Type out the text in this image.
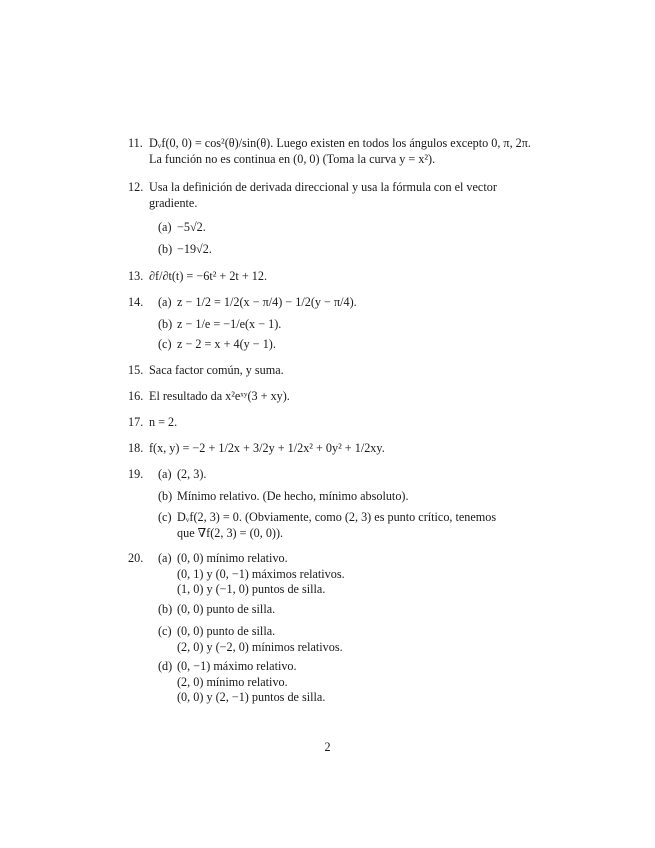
11. Dᵥf(0, 0) = cos²(θ)/sin(θ). Luego existen en todos los ángulos excepto 0, π, 2π.
La función no es continua en (0, 0) (Toma la curva y = x²).
12. Usa la definición de derivada direccional y usa la fórmula con el vector
gradiente.
(a) −5√2.
(b) −19√2.
13. ∂f/∂t(t) = −6t² + 2t + 12.
14.	(a) z − 1/2 = 1/2(x − π/4) − 1/2(y − π/4).
(b) z − 1/e = −1/e(x − 1).
(c) z − 2 = x + 4(y − 1).
15. Saca factor común, y suma.
16. El resultado da x²eˣʸ(3 + xy).
17. n = 2.
18. f(x, y) = −2 + 1/2x + 3/2y + 1/2x² + 0y² + 1/2xy.
19.	(a) (2, 3).
(b) Mínimo relativo. (De hecho, mínimo absoluto).
(c) Dᵥf(2, 3) = 0. (Obviamente, como (2, 3) es punto crítico, tenemos
que ∇f(2, 3) = (0, 0)).
20.	(a) (0, 0) mínimo relativo.
(0, 1) y (0, −1) máximos relativos.
(1, 0) y (−1, 0) puntos de silla.
(b) (0, 0) punto de silla.
(c) (0, 0) punto de silla.
(2, 0) y (−2, 0) mínimos relativos.
(d) (0, −1) máximo relativo.
(2, 0) mínimo relativo.
(0, 0) y (2, −1) puntos de silla.
2
